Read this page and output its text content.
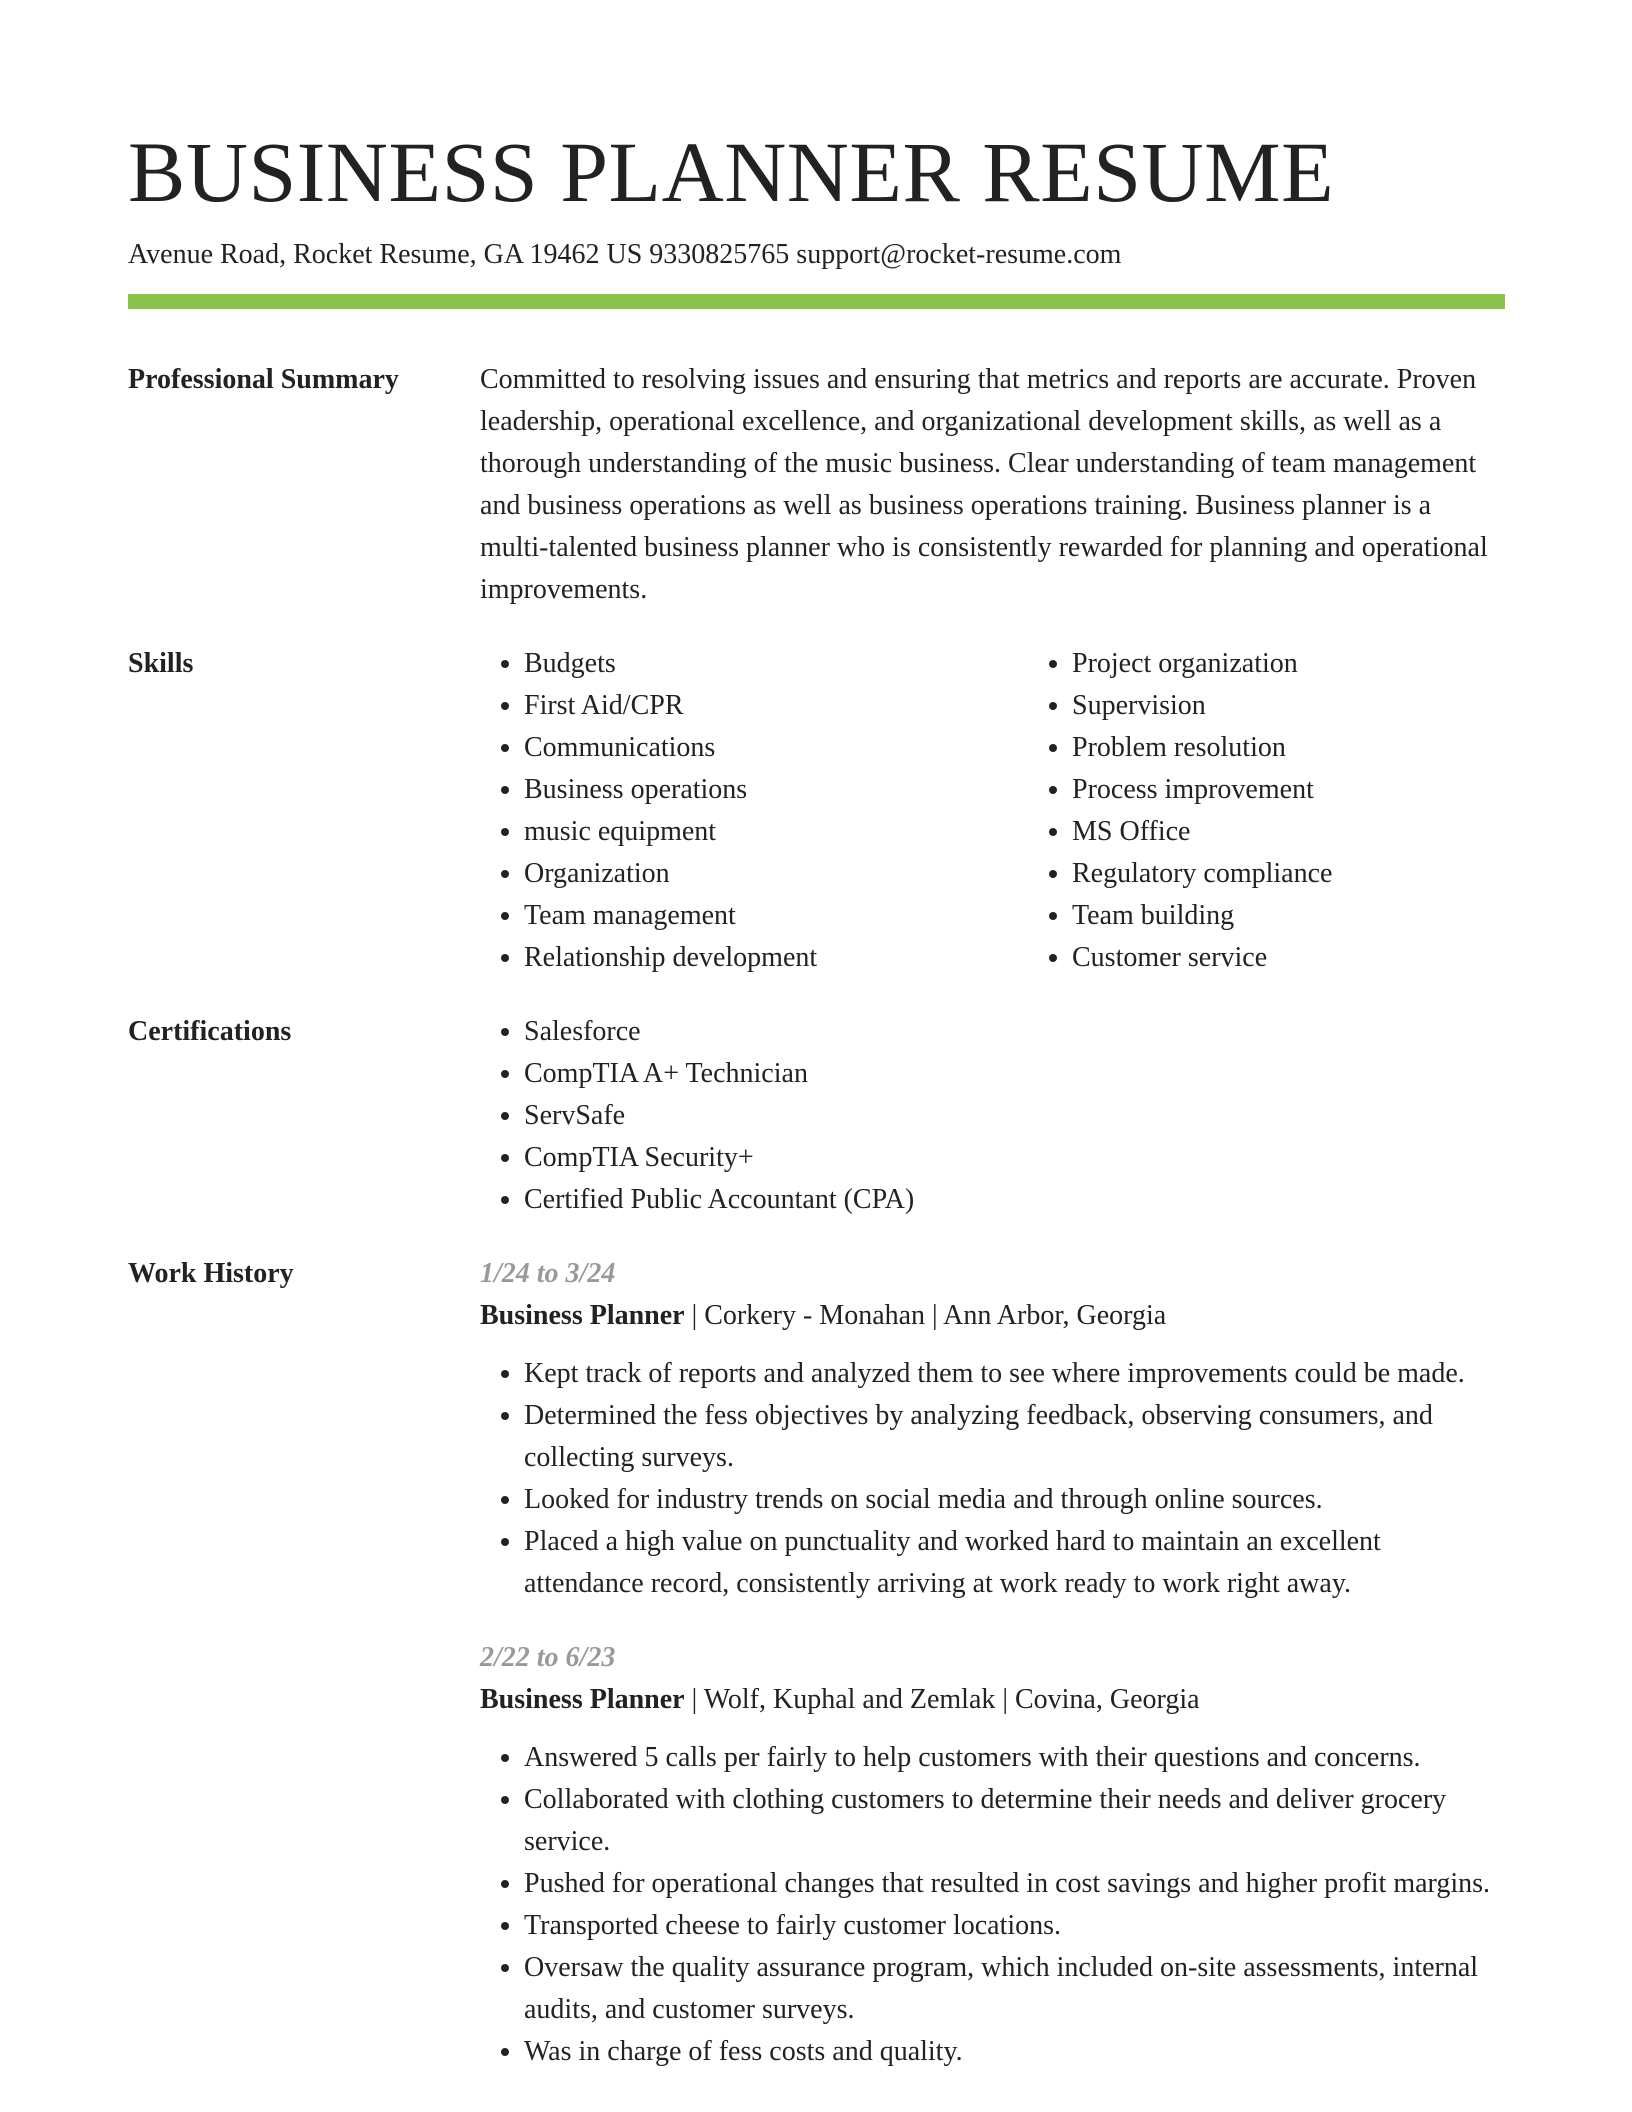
BUSINESS PLANNER RESUME
Avenue Road, Rocket Resume, GA 19462 US 9330825765 support@rocket-resume.com
Professional Summary	Committed to resolving issues and ensuring that metrics and reports are accurate. Proven leadership, operational excellence, and organizational development skills, as well as a thorough understanding of the music business. Clear understanding of team management and business operations as well as business operations training. Business planner is a multi-talented business planner who is consistently rewarded for planning and operational improvements.

Skills	• Budgets
• First Aid/CPR
• Communications
• Business operations
• music equipment
• Organization
• Team management
• Relationship development
• Project organization
• Supervision
• Problem resolution
• Process improvement
• MS Office
• Regulatory compliance
• Team building
• Customer service
Certifications	• Salesforce
• CompTIA A+ Technician
• ServSafe
• CompTIA Security+
• Certified Public Accountant (CPA)
Work History	1/24 to 3/24
Business Planner | Corkery - Monahan | Ann Arbor, Georgia
• Kept track of reports and analyzed them to see where improvements could be made.
• Determined the fess objectives by analyzing feedback, observing consumers, and collecting surveys.
• Looked for industry trends on social media and through online sources.
• Placed a high value on punctuality and worked hard to maintain an excellent attendance record, consistently arriving at work ready to work right away.
2/22 to 6/23
Business Planner | Wolf, Kuphal and Zemlak | Covina, Georgia
• Answered 5 calls per fairly to help customers with their questions and concerns.
• Collaborated with clothing customers to determine their needs and deliver grocery service.
• Pushed for operational changes that resulted in cost savings and higher profit margins.
• Transported cheese to fairly customer locations.
• Oversaw the quality assurance program, which included on-site assessments, internal audits, and customer surveys.
• Was in charge of fess costs and quality.
